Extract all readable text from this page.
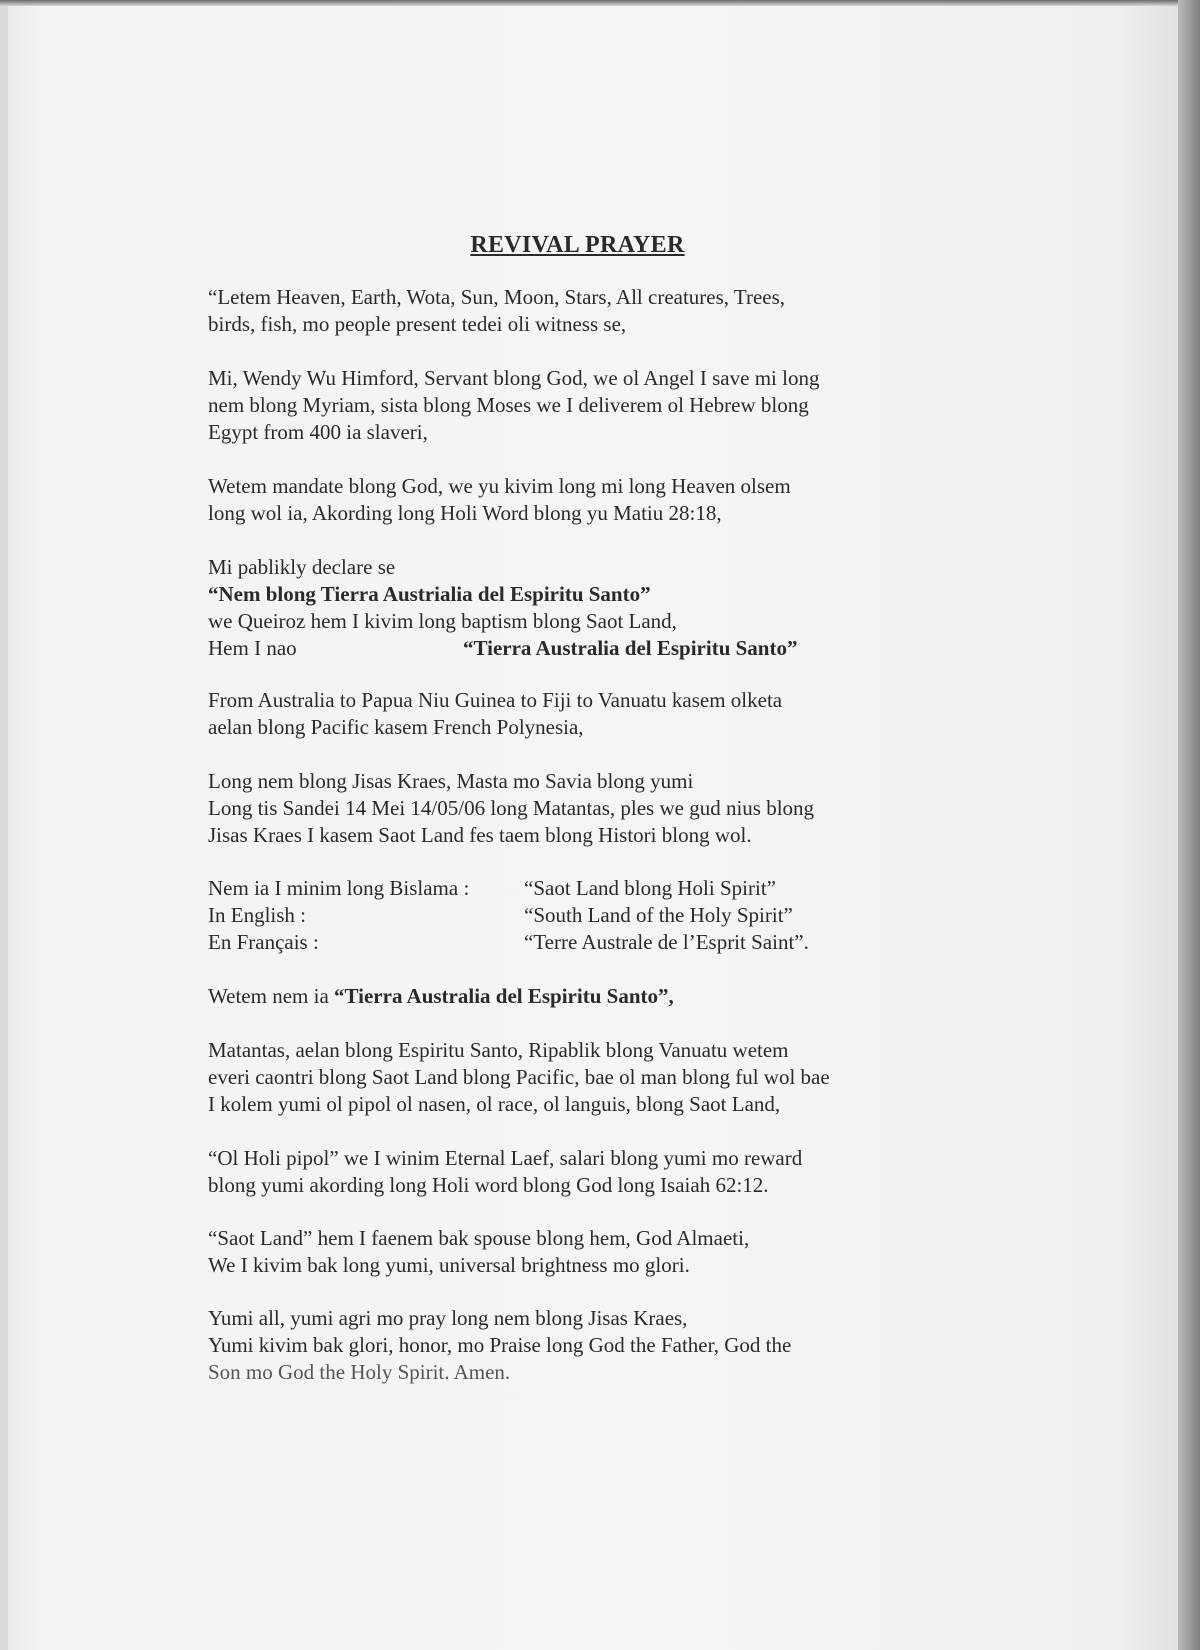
REVIVAL PRAYER
“Letem Heaven, Earth, Wota, Sun, Moon, Stars, All creatures, Trees,
birds, fish, mo people present tedei oli witness se,
Mi, Wendy Wu Himford, Servant blong God, we ol Angel I save mi long
nem blong Myriam, sista blong Moses we I deliverem ol Hebrew blong
Egypt from 400 ia slaveri,
Wetem mandate blong God, we yu kivim long mi long Heaven olsem
long wol ia, Akording long Holi Word blong yu Matiu 28:18,
Mi pablikly declare se
“Nem blong Tierra Austrialia del Espiritu Santo”
we Queiroz hem I kivim long baptism blong Saot Land,
Hem I nao	“Tierra Australia del Espiritu Santo”
From Australia to Papua Niu Guinea to Fiji to Vanuatu kasem olketa
aelan blong Pacific kasem French Polynesia,
Long nem blong Jisas Kraes, Masta mo Savia blong yumi
Long tis Sandei 14 Mei 14/05/06 long Matantas, ples we gud nius blong
Jisas Kraes I kasem Saot Land fes taem blong Histori blong wol.
Nem ia I minim long Bislama :	“Saot Land blong Holi Spirit”
In English :	“South Land of the Holy Spirit”
En Français :	“Terre Australe de l’Esprit Saint”.
Wetem nem ia “Tierra Australia del Espiritu Santo”,
Matantas, aelan blong Espiritu Santo, Ripablik blong Vanuatu wetem
everi caontri blong Saot Land blong Pacific, bae ol man blong ful wol bae
I kolem yumi ol pipol ol nasen, ol race, ol languis, blong Saot Land,
“Ol Holi pipol” we I winim Eternal Laef, salari blong yumi mo reward
blong yumi akording long Holi word blong God long Isaiah 62:12.
“Saot Land” hem I faenem bak spouse blong hem, God Almaeti,
We I kivim bak long yumi, universal brightness mo glori.
Yumi all, yumi agri mo pray long nem blong Jisas Kraes,
Yumi kivim bak glori, honor, mo Praise long God the Father, God the
Son mo God the Holy Spirit. Amen.
